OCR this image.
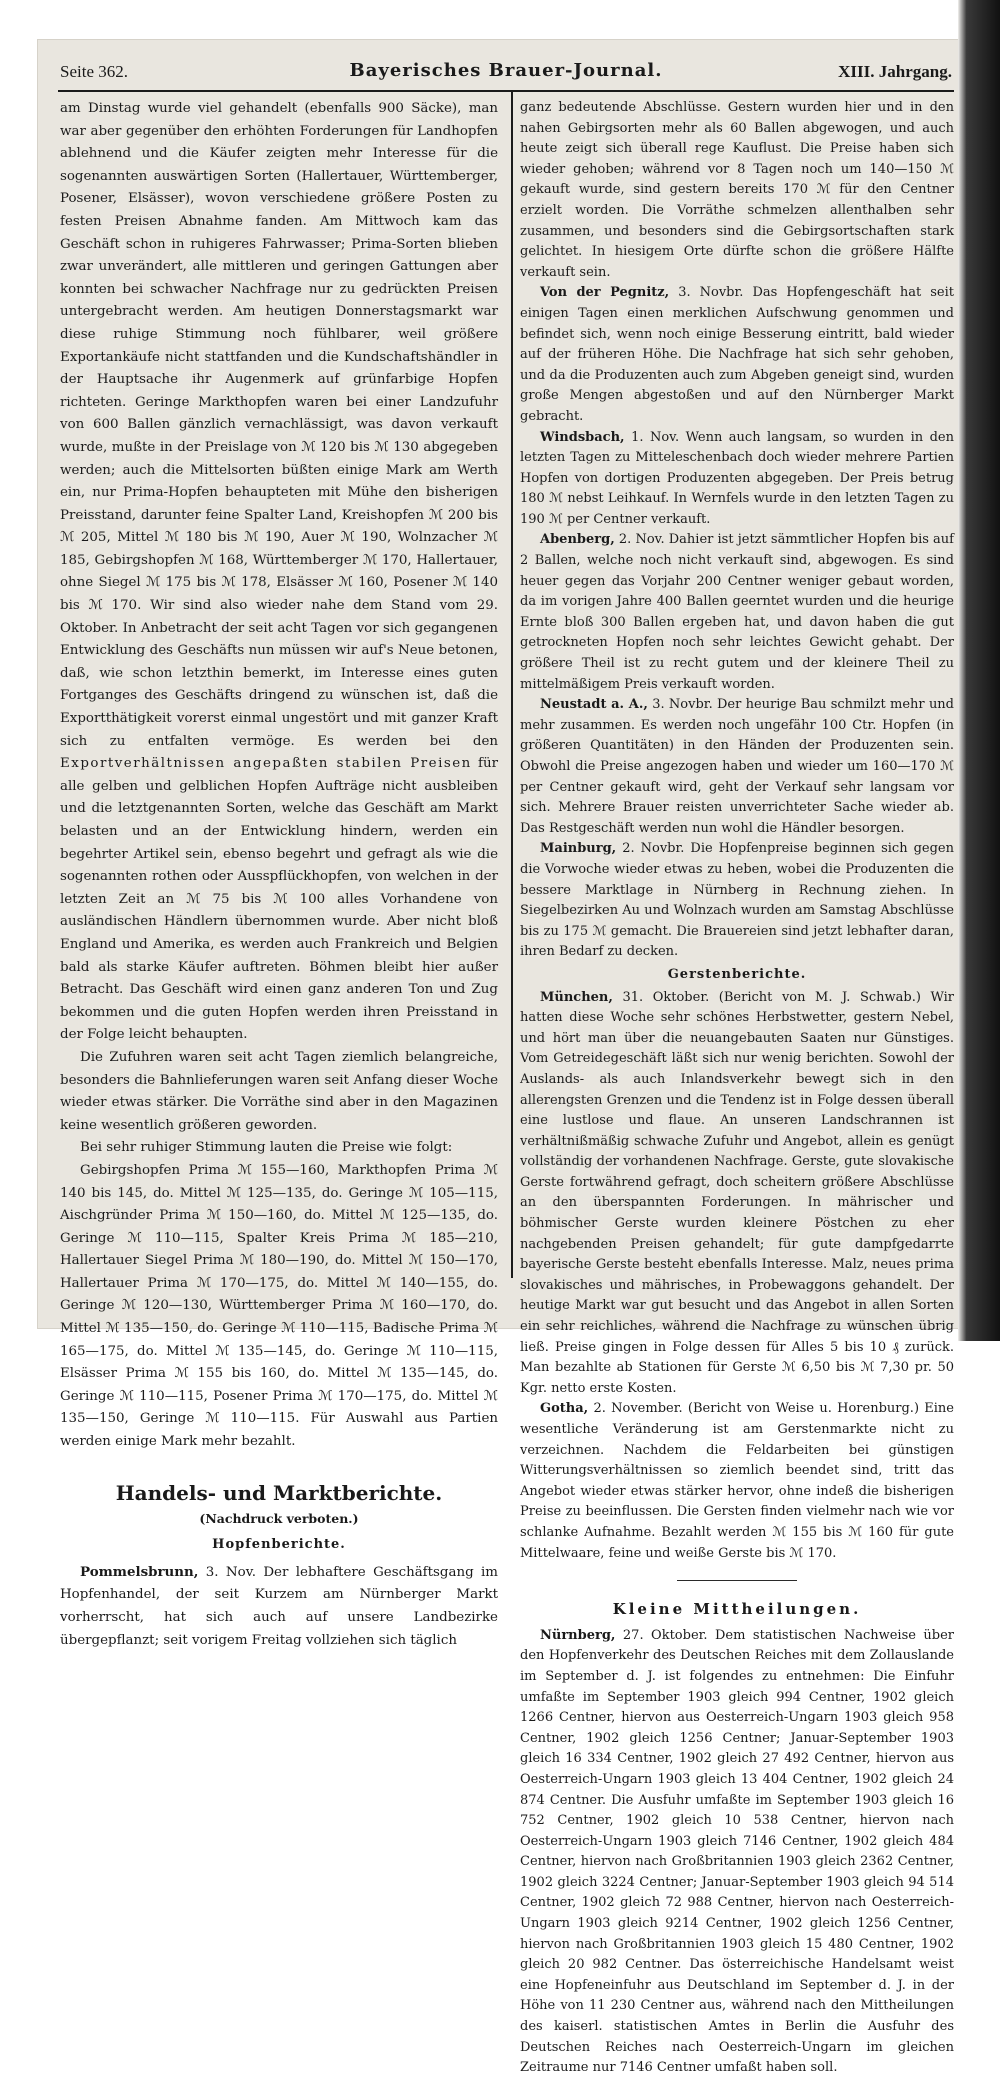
Seite 362.	Bayerisches Brauer-Journal.	XIII. Jahrgang.

am Dinstag wurde viel gehandelt (ebenfalls 900 Säcke), man war aber gegenüber den erhöhten Forderungen für Landhopfen ablehnend und die Käufer zeigten mehr Interesse für die sogenannten auswärtigen Sorten (Hallertauer, Württemberger, Posener, Elsässer), wovon verschiedene größere Posten zu festen Preisen Abnahme fanden. Am Mittwoch kam das Geschäft schon in ruhigeres Fahrwasser; Prima-Sorten blieben zwar unverändert, alle mittleren und geringen Gattungen aber konnten bei schwacher Nachfrage nur zu gedrückten Preisen untergebracht werden. Am heutigen Donnerstagsmarkt war diese ruhige Stimmung noch fühlbarer, weil größere Exportankäufe nicht stattfanden und die Kundschaftshändler in der Hauptsache ihr Augenmerk auf grünfarbige Hopfen richteten. Geringe Markthopfen waren bei einer Landzufuhr von 600 Ballen gänzlich vernachlässigt, was davon verkauft wurde, mußte in der Preislage von ℳ 120 bis ℳ 130 abgegeben werden; auch die Mittelsorten büßten einige Mark am Werth ein, nur Prima-Hopfen behaupteten mit Mühe den bisherigen Preisstand, darunter feine Spalter Land, Kreishopfen ℳ 200 bis ℳ 205, Mittel ℳ 180 bis ℳ 190, Auer ℳ 190, Wolnzacher ℳ 185, Gebirgshopfen ℳ 168, Württemberger ℳ 170, Hallertauer, ohne Siegel ℳ 175 bis ℳ 178, Elsässer ℳ 160, Posener ℳ 140 bis ℳ 170. Wir sind also wieder nahe dem Stand vom 29. Oktober. In Anbetracht der seit acht Tagen vor sich gegangenen Entwicklung des Geschäfts nun müssen wir auf's Neue betonen, daß, wie schon letzthin bemerkt, im Interesse eines guten Fortganges des Geschäfts dringend zu wünschen ist, daß die Exportthätigkeit vorerst einmal ungestört und mit ganzer Kraft sich zu entfalten vermöge. Es werden bei den Exportverhältnissen angepaßten stabilen Preisen für alle gelben und gelblichen Hopfen Aufträge nicht ausbleiben und die letztgenannten Sorten, welche das Geschäft am Markt belasten und an der Entwicklung hindern, werden ein begehrter Artikel sein, ebenso begehrt und gefragt als wie die sogenannten rothen oder Ausspflückhopfen, von welchen in der letzten Zeit an ℳ 75 bis ℳ 100 alles Vorhandene von ausländischen Händlern übernommen wurde. Aber nicht bloß England und Amerika, es werden auch Frankreich und Belgien bald als starke Käufer auftreten. Böhmen bleibt hier außer Betracht. Das Geschäft wird einen ganz anderen Ton und Zug bekommen und die guten Hopfen werden ihren Preisstand in der Folge leicht behaupten.

Die Zufuhren waren seit acht Tagen ziemlich belangreiche, besonders die Bahnlieferungen waren seit Anfang dieser Woche wieder etwas stärker. Die Vorräthe sind aber in den Magazinen keine wesentlich größeren geworden.

Bei sehr ruhiger Stimmung lauten die Preise wie folgt:

Gebirgshopfen Prima ℳ 155—160, Markthopfen Prima ℳ 140 bis 145, do. Mittel ℳ 125—135, do. Geringe ℳ 105—115, Aischgründer Prima ℳ 150—160, do. Mittel ℳ 125—135, do. Geringe ℳ 110—115, Spalter Kreis Prima ℳ 185—210, Hallertauer Siegel Prima ℳ 180—190, do. Mittel ℳ 150—170, Hallertauer Prima ℳ 170—175, do. Mittel ℳ 140—155, do. Geringe ℳ 120—130, Württemberger Prima ℳ 160—170, do. Mittel ℳ 135—150, do. Geringe ℳ 110—115, Badische Prima ℳ 165—175, do. Mittel ℳ 135—145, do. Geringe ℳ 110—115, Elsässer Prima ℳ 155 bis 160, do. Mittel ℳ 135—145, do. Geringe ℳ 110—115, Posener Prima ℳ 170—175, do. Mittel ℳ 135—150, Geringe ℳ 110—115. Für Auswahl aus Partien werden einige Mark mehr bezahlt.

Handels- und Marktberichte.
(Nachdruck verboten.)
Hopfenberichte.

Pommelsbrunn, 3. Nov. Der lebhaftere Geschäftsgang im Hopfenhandel, der seit Kurzem am Nürnberger Markt vorherrscht, hat sich auch auf unsere Landbezirke übergepflanzt; seit vorigem Freitag vollziehen sich täglich

ganz bedeutende Abschlüsse. Gestern wurden hier und in den nahen Gebirgsorten mehr als 60 Ballen abgewogen, und auch heute zeigt sich überall rege Kauflust. Die Preise haben sich wieder gehoben; während vor 8 Tagen noch um 140—150 ℳ gekauft wurde, sind gestern bereits 170 ℳ für den Centner erzielt worden. Die Vorräthe schmelzen allenthalben sehr zusammen, und besonders sind die Gebirgsortschaften stark gelichtet. In hiesigem Orte dürfte schon die größere Hälfte verkauft sein.

Von der Pegnitz, 3. Novbr. Das Hopfengeschäft hat seit einigen Tagen einen merklichen Aufschwung genommen und befindet sich, wenn noch einige Besserung eintritt, bald wieder auf der früheren Höhe. Die Nachfrage hat sich sehr gehoben, und da die Produzenten auch zum Abgeben geneigt sind, wurden große Mengen abgestoßen und auf den Nürnberger Markt gebracht.

Windsbach, 1. Nov. Wenn auch langsam, so wurden in den letzten Tagen zu Mitteleschenbach doch wieder mehrere Partien Hopfen von dortigen Produzenten abgegeben. Der Preis betrug 180 ℳ nebst Leihkauf. In Wernfels wurde in den letzten Tagen zu 190 ℳ per Centner verkauft.

Abenberg, 2. Nov. Dahier ist jetzt sämmtlicher Hopfen bis auf 2 Ballen, welche noch nicht verkauft sind, abgewogen. Es sind heuer gegen das Vorjahr 200 Centner weniger gebaut worden, da im vorigen Jahre 400 Ballen geerntet wurden und die heurige Ernte bloß 300 Ballen ergeben hat, und davon haben die gut getrockneten Hopfen noch sehr leichtes Gewicht gehabt. Der größere Theil ist zu recht gutem und der kleinere Theil zu mittelmäßigem Preis verkauft worden.

Neustadt a. A., 3. Novbr. Der heurige Bau schmilzt mehr und mehr zusammen. Es werden noch ungefähr 100 Ctr. Hopfen (in größeren Quantitäten) in den Händen der Produzenten sein. Obwohl die Preise angezogen haben und wieder um 160—170 ℳ per Centner gekauft wird, geht der Verkauf sehr langsam vor sich. Mehrere Brauer reisten unverrichteter Sache wieder ab. Das Restgeschäft werden nun wohl die Händler besorgen.

Mainburg, 2. Novbr. Die Hopfenpreise beginnen sich gegen die Vorwoche wieder etwas zu heben, wobei die Produzenten die bessere Marktlage in Nürnberg in Rechnung ziehen. In Siegelbezirken Au und Wolnzach wurden am Samstag Abschlüsse bis zu 175 ℳ gemacht. Die Brauereien sind jetzt lebhafter daran, ihren Bedarf zu decken.

Gerstenberichte.

München, 31. Oktober. (Bericht von M. J. Schwab.) Wir hatten diese Woche sehr schönes Herbstwetter, gestern Nebel, und hört man über die neuangebauten Saaten nur Günstiges. Vom Getreidegeschäft läßt sich nur wenig berichten. Sowohl der Auslands- als auch Inlandsverkehr bewegt sich in den allerengsten Grenzen und die Tendenz ist in Folge dessen überall eine lustlose und flaue. An unseren Landschrannen ist verhältnißmäßig schwache Zufuhr und Angebot, allein es genügt vollständig der vorhandenen Nachfrage. Gerste, gute slovakische Gerste fortwährend gefragt, doch scheitern größere Abschlüsse an den überspannten Forderungen. In mährischer und böhmischer Gerste wurden kleinere Pöstchen zu eher nachgebenden Preisen gehandelt; für gute dampfgedarrte bayerische Gerste besteht ebenfalls Interesse. Malz, neues prima slovakisches und mährisches, in Probewaggons gehandelt. Der heutige Markt war gut besucht und das Angebot in allen Sorten ein sehr reichliches, während die Nachfrage zu wünschen übrig ließ. Preise gingen in Folge dessen für Alles 5 bis 10 ₰ zurück. Man bezahlte ab Stationen für Gerste ℳ 6,50 bis ℳ 7,30 pr. 50 Kgr. netto erste Kosten.

Gotha, 2. November. (Bericht von Weise u. Horenburg.) Eine wesentliche Veränderung ist am Gerstenmarkte nicht zu verzeichnen. Nachdem die Feldarbeiten bei günstigen Witterungsverhältnissen so ziemlich beendet sind, tritt das Angebot wieder etwas stärker hervor, ohne indeß die bisherigen Preise zu beeinflussen. Die Gersten finden vielmehr nach wie vor schlanke Aufnahme. Bezahlt werden ℳ 155 bis ℳ 160 für gute Mittelwaare, feine und weiße Gerste bis ℳ 170.

Kleine Mittheilungen.

Nürnberg, 27. Oktober. Dem statistischen Nachweise über den Hopfenverkehr des Deutschen Reiches mit dem Zollauslande im September d. J. ist folgendes zu entnehmen: Die Einfuhr umfaßte im September 1903 gleich 994 Centner, 1902 gleich 1266 Centner, hiervon aus Oesterreich-Ungarn 1903 gleich 958 Centner, 1902 gleich 1256 Centner; Januar-September 1903 gleich 16 334 Centner, 1902 gleich 27 492 Centner, hiervon aus Oesterreich-Ungarn 1903 gleich 13 404 Centner, 1902 gleich 24 874 Centner. Die Ausfuhr umfaßte im September 1903 gleich 16 752 Centner, 1902 gleich 10 538 Centner, hiervon nach Oesterreich-Ungarn 1903 gleich 7146 Centner, 1902 gleich 484 Centner, hiervon nach Großbritannien 1903 gleich 2362 Centner, 1902 gleich 3224 Centner; Januar-September 1903 gleich 94 514 Centner, 1902 gleich 72 988 Centner, hiervon nach Oesterreich-Ungarn 1903 gleich 9214 Centner, 1902 gleich 1256 Centner, hiervon nach Großbritannien 1903 gleich 15 480 Centner, 1902 gleich 20 982 Centner. Das österreichische Handelsamt weist eine Hopfeneinfuhr aus Deutschland im September d. J. in der Höhe von 11 230 Centner aus, während nach den Mittheilungen des kaiserl. statistischen Amtes in Berlin die Ausfuhr des Deutschen Reiches nach Oesterreich-Ungarn im gleichen Zeitraume nur 7146 Centner umfaßt haben soll.
